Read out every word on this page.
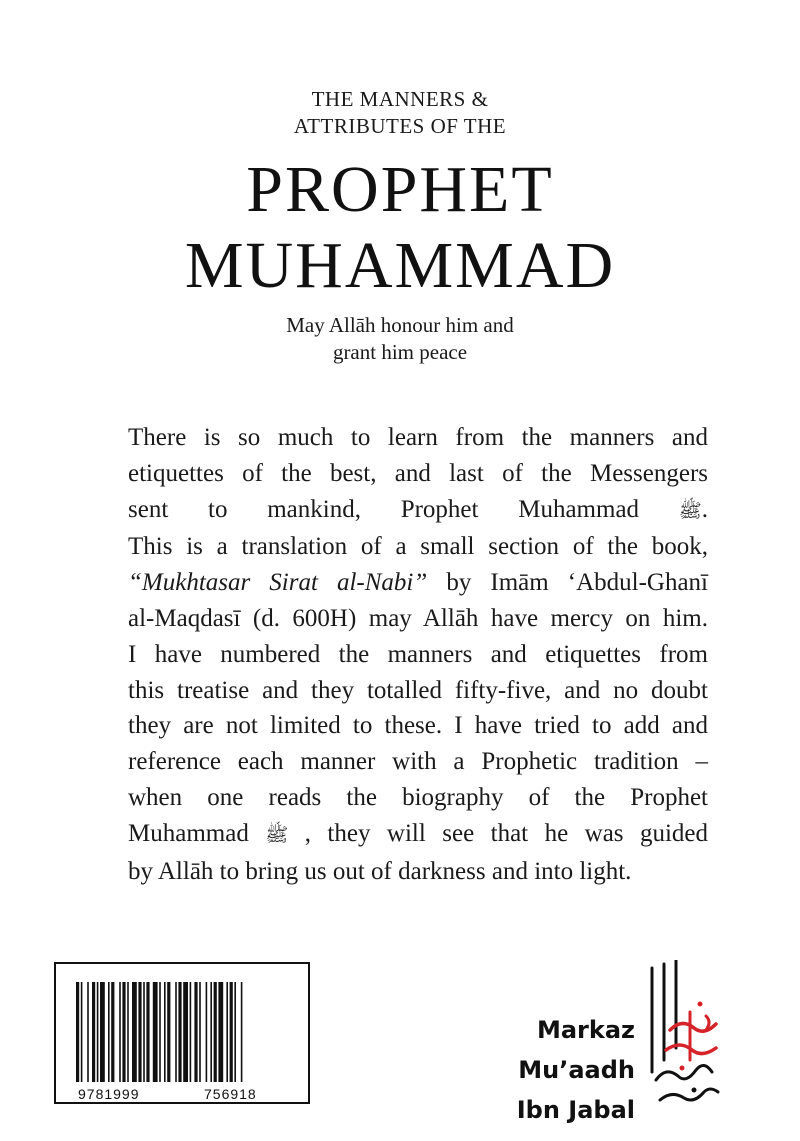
THE MANNERS &
ATTRIBUTES OF THE
PROPHET
MUHAMMAD
May Allāh honour him and
grant him peace
There is so much to learn from the manners and
etiquettes of the best, and last of the Messengers
sent to mankind, Prophet Muhammad ﷺ.
This is a translation of a small section of the book,
“Mukhtasar Sirat al-Nabi” by Imām ‘Abdul-Ghanī
al-Maqdasī (d. 600H) may Allāh have mercy on him.
I have numbered the manners and etiquettes from
this treatise and they totalled fifty-five, and no doubt
they are not limited to these. I have tried to add and
reference each manner with a Prophetic tradition –
when one reads the biography of the Prophet
Muhammad ﷺ , they will see that he was guided
by Allāh to bring us out of darkness and into light.
9781999	756918
Markaz
Mu’aadh
Ibn Jabal
